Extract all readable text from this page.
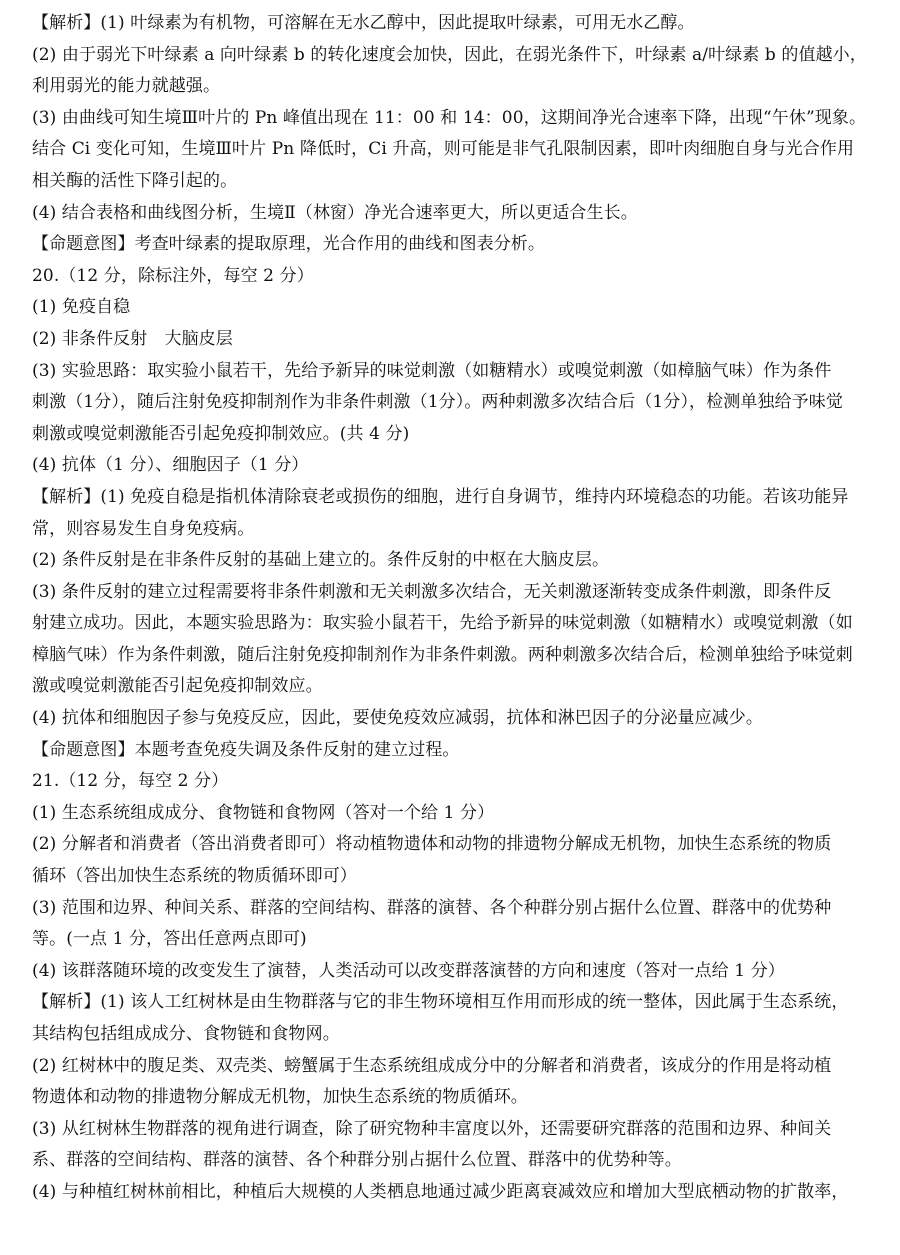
【解析】(1) 叶绿素为有机物，可溶解在无水乙醇中，因此提取叶绿素，可用无水乙醇。

(2) 由于弱光下叶绿素 a 向叶绿素 b 的转化速度会加快，因此，在弱光条件下，叶绿素 a/叶绿素 b 的值越小，

利用弱光的能力就越强。

(3) 由曲线可知生境Ⅲ叶片的 Pn 峰值出现在 11：00 和 14：00，这期间净光合速率下降，出现“午休”现象。

结合 Ci 变化可知，生境Ⅲ叶片 Pn 降低时，Ci 升高，则可能是非气孔限制因素，即叶肉细胞自身与光合作用

相关酶的活性下降引起的。

(4) 结合表格和曲线图分析，生境Ⅱ（林窗）净光合速率更大，所以更适合生长。

【命题意图】考查叶绿素的提取原理，光合作用的曲线和图表分析。

20.（12 分，除标注外，每空 2 分）

(1) 免疫自稳

(2) 非条件反射　大脑皮层

(3) 实验思路：取实验小鼠若干，先给予新异的味觉刺激（如糖精水）或嗅觉刺激（如樟脑气味）作为条件

刺激（1分），随后注射免疫抑制剂作为非条件刺激（1分）。两种刺激多次结合后（1分），检测单独给予味觉

刺激或嗅觉刺激能否引起免疫抑制效应。(共 4 分)

(4) 抗体（1 分）、细胞因子（1 分）

【解析】(1) 免疫自稳是指机体清除衰老或损伤的细胞，进行自身调节，维持内环境稳态的功能。若该功能异

常，则容易发生自身免疫病。

(2) 条件反射是在非条件反射的基础上建立的。条件反射的中枢在大脑皮层。

(3) 条件反射的建立过程需要将非条件刺激和无关刺激多次结合，无关刺激逐渐转变成条件刺激，即条件反

射建立成功。因此，本题实验思路为：取实验小鼠若干，先给予新异的味觉刺激（如糖精水）或嗅觉刺激（如

樟脑气味）作为条件刺激，随后注射免疫抑制剂作为非条件刺激。两种刺激多次结合后，检测单独给予味觉刺

激或嗅觉刺激能否引起免疫抑制效应。

(4) 抗体和细胞因子参与免疫反应，因此，要使免疫效应减弱，抗体和淋巴因子的分泌量应减少。

【命题意图】本题考查免疫失调及条件反射的建立过程。

21.（12 分，每空 2 分）

(1) 生态系统组成成分、食物链和食物网（答对一个给 1 分）

(2) 分解者和消费者（答出消费者即可）将动植物遗体和动物的排遗物分解成无机物，加快生态系统的物质

循环（答出加快生态系统的物质循环即可）

(3) 范围和边界、种间关系、群落的空间结构、群落的演替、各个种群分别占据什么位置、群落中的优势种

等。(一点 1 分，答出任意两点即可)

(4) 该群落随环境的改变发生了演替，人类活动可以改变群落演替的方向和速度（答对一点给 1 分）

【解析】(1) 该人工红树林是由生物群落与它的非生物环境相互作用而形成的统一整体，因此属于生态系统，

其结构包括组成成分、食物链和食物网。

(2) 红树林中的腹足类、双壳类、螃蟹属于生态系统组成成分中的分解者和消费者，该成分的作用是将动植

物遗体和动物的排遗物分解成无机物，加快生态系统的物质循环。

(3) 从红树林生物群落的视角进行调查，除了研究物种丰富度以外，还需要研究群落的范围和边界、种间关

系、群落的空间结构、群落的演替、各个种群分别占据什么位置、群落中的优势种等。

(4) 与种植红树林前相比，种植后大规模的人类栖息地通过减少距离衰减效应和增加大型底栖动物的扩散率，
